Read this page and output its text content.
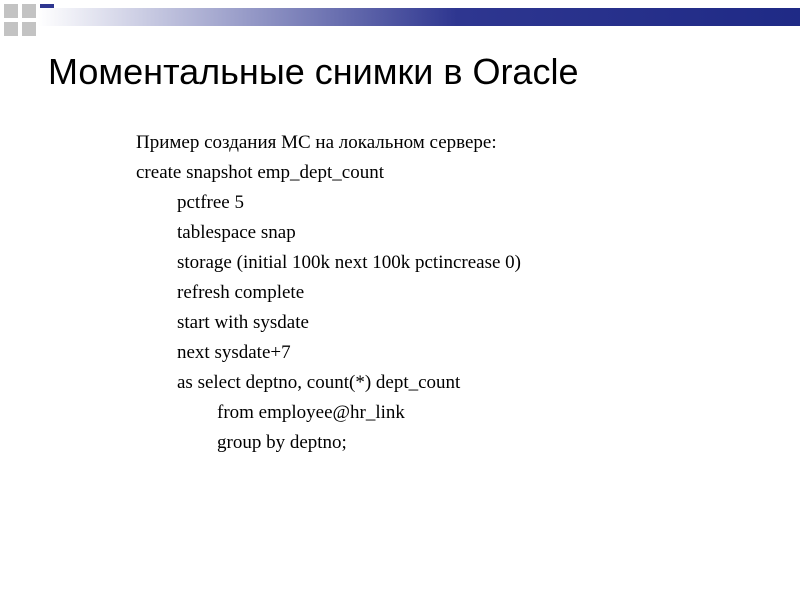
Моментальные снимки в Oracle
Пример создания МС на локальном сервере:
create snapshot emp_dept_count
pctfree 5
tablespace snap
storage (initial 100k next 100k pctincrease 0)
refresh complete
start with sysdate
next sysdate+7
as select deptno, count(*) dept_count
from employee@hr_link
group by deptno;
